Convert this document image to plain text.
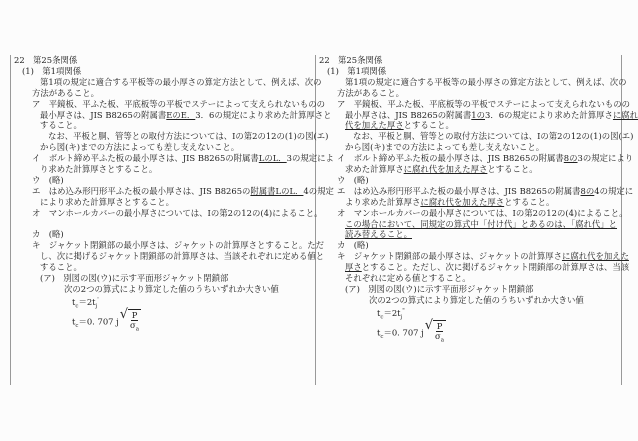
22　第25条関係
(1)　第1項関係
第1項の規定に適合する平板等の最小厚さの算定方法として、例えば、次の
方法があること。
ア　平鏡板、平ふた板、平底板等の平板でステーによって支えられないものの
最小厚さは、JIS B8265の附属書EのE．3．6の規定により求めた計算厚さと
すること。
なお、平板と胴、管等との取付方法については、Ⅰの第2の12の(1)の図(エ)
から図(キ)までの方法によっても差し支えないこと。
イ　ボルト締め平ふた板の最小厚さは、JIS B8265の附属書LのL．3の規定によ
り求めた計算厚さとすること。
ウ　(略)
エ　はめ込み形円形平ふた板の最小厚さは、JIS B8265の附属書LのL．4の規定
により求めた計算厚さとすること。
オ　マンホールカバーの最小厚さについては、Ⅰの第2の12の(4)によること。
カ　(略)
キ　ジャケット閉鎖部の最小厚さは、ジャケットの計算厚さとすること。ただ
し、次に掲げるジャケット閉鎖部の計算厚さは、当該それぞれに定める値と
すること。
(ア)　別図の図(ウ)に示す平面形ジャケット閉鎖部
次の2つの算式により算定した値のうちいずれか大きい値
$t_c=2t_j'$
$t_c=0$. 707 $j√ \frac{P}{\sigma_a}$
22　第25条関係
(1)　第1項関係
第1項の規定に適合する平板等の最小厚さの算定方法として、例えば、次の
方法があること。
ア　平鏡板、平ふた板、平底板等の平板でステーによって支えられないものの
最小厚さは、JIS B8265の附属書1の3．6の規定により求めた計算厚さに腐れ
代を加えた厚さとすること。
なお、平板と胴、管等との取付方法については、Ⅰの第2の12の(1)の図(エ)
から図(キ)までの方法によっても差し支えないこと。
イ　ボルト締め平ふた板の最小厚さは、JIS B8265の附属書8の3の規定により
求めた計算厚さに腐れ代を加えた厚さとすること。
ウ　(略)
エ　はめ込み形円形平ふた板の最小厚さは、JIS B8265の附属書8の4の規定に
より求めた計算厚さに腐れ代を加えた厚さとすること。
オ　マンホールカバーの最小厚さについては、Ⅰの第2の12の(4)によること。
この場合において、同規定の算式中「付け代」とあるのは、「腐れ代」と
読み替えること。
カ　(略)
キ　ジャケット閉鎖部の最小厚さは、ジャケットの計算厚さに腐れ代を加えた
厚さとすること。ただし、次に掲げるジャケット閉鎖部の計算厚さは、当該
それぞれに定める値とすること。
(ア)　別図の図(ウ)に示す平面形ジャケット閉鎖部
次の2つの算式により算定した値のうちいずれか大きい値
$t_c=2t_j^"$
$t_c=0$. 707 $j√ \frac{P}{\sigma_a}$
